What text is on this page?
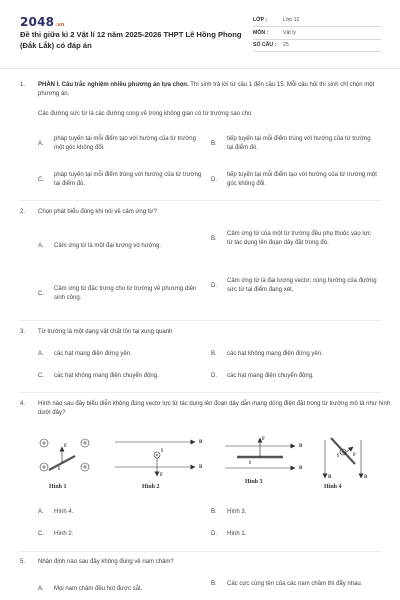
2048.vn
Đề thi giữa kì 2 Vật lí 12 năm 2025-2026 THPT Lê Hồng Phong (Đắk Lắk) có đáp án
LỚP :	Lớp 12
MÔN :	Vật lý
SỐ CÂU :	25
1.	PHẦN I. Câu trắc nghiệm nhiều phương án lựa chọn. Thí sinh trả lời từ câu 1 đến câu 15. Mỗi câu hỏi thí sinh chỉ chọn một phương án.
Các đường sức từ là các đường cong vẽ trong không gian có từ trường sao cho
A.
pháp tuyến tại mỗi điểm tạo với hướng của từ trường một góc không đổi.
B.
tiếp tuyến tại mỗi điểm trùng với hướng của từ trường tại điểm đó.
C.
pháp tuyến tại mỗi điểm trùng với hướng của từ trường tại điểm đó.
D.
tiếp tuyến tại mỗi điểm tạo với hướng của từ trường một góc không đổi.
2.	Chọn phát biểu đúng khi nói về cảm ứng từ?
A.	Cảm ứng từ là một đại lượng vô hướng.
B.
Cảm ứng từ của một từ trường đều phụ thuộc vào lực từ tác dụng lên đoạn dây đặt trong đó.
C.
Cảm ứng từ đặc trưng cho từ trường về phương diện sinh công.
D.
Cảm ứng từ là đại lượng vectơ, cùng hướng của đường sức từ tại điểm đang xét.
3.	Từ trường là một dạng vật chất tồn tại xung quanh
A.	các hạt mang điện đứng yên.	B.	các hạt không mang điện đứng yên.
C.	các hạt không mang điện chuyển động.	D.	các hạt mang điện chuyển động.
4.	Hình nào sau đây biểu diễn không đúng vectơ lực từ tác dụng lên đoạn dây dẫn mang dòng điện đặt trong từ trường mô tả như hình dưới đây?
F
I
B
B
I
F
B
B
F
I
B	B
I	F
Hình 1	Hình 2
Hình 3
Hình 4
A.	Hình 4.	B.	Hình 3.
C.	Hình 2.	D.	Hình 1.
5.	Nhận định nào sau đây không đúng về nam châm?
A.	Mọi nam châm đều hút được sắt.
B.	Các cực cùng tên của các nam châm thì đẩy nhau.
